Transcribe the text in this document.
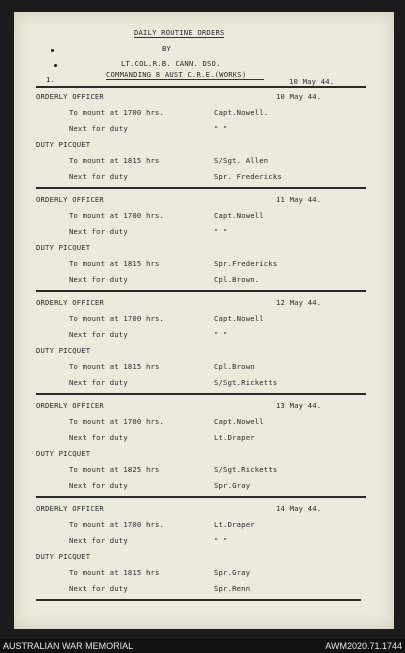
DAILY ROUTINE ORDERS
BY
LT.COL.R.B. CANN. DSO.
COMMANDING 8 AUST C.R.E.(WORKS)
1.	10 May 44.
ORDERLY OFFICER	10 May 44.
To mount at 1700 hrs.	Capt.Nowell.
Next for duty	" "
DUTY PICQUET
To mount at 1815 hrs	S/Sgt. Allen
Next for duty	Spr. Fredericks
ORDERLY OFFICER	11 May 44.
To mount at 1700 hrs.	Capt.Nowell
Next for duty	" "
DUTY PICQUET
To mount at 1815 hrs	Spr.Fredericks
Next for duty	Cpl.Brown.
ORDERLY OFFICER	12 May 44.
To mount at 1700 hrs.	Capt.Nowell
Next for duty	" "
DUTY PICQUET
To mount at 1815 hrs	Cpl.Brown
Next for duty	S/Sgt.Ricketts
ORDERLY OFFICER	13 May 44.
To mount at 1700 hrs.	Capt.Nowell
Next for duty	Lt.Draper
DUTY PICQUET
To mount at 1825 hrs	S/Sgt.Ricketts
Next for duty	Spr.Gray
ORDERLY OFFICER	14 May 44.
To mount at 1700 hrs.	Lt.Draper
Next for duty	" "
DUTY PICQUET
To mount at 1815 hrs	Spr.Gray
Next for duty	Spr.Renn
AUSTRALIAN WAR MEMORIAL	AWM2020.71.1744
